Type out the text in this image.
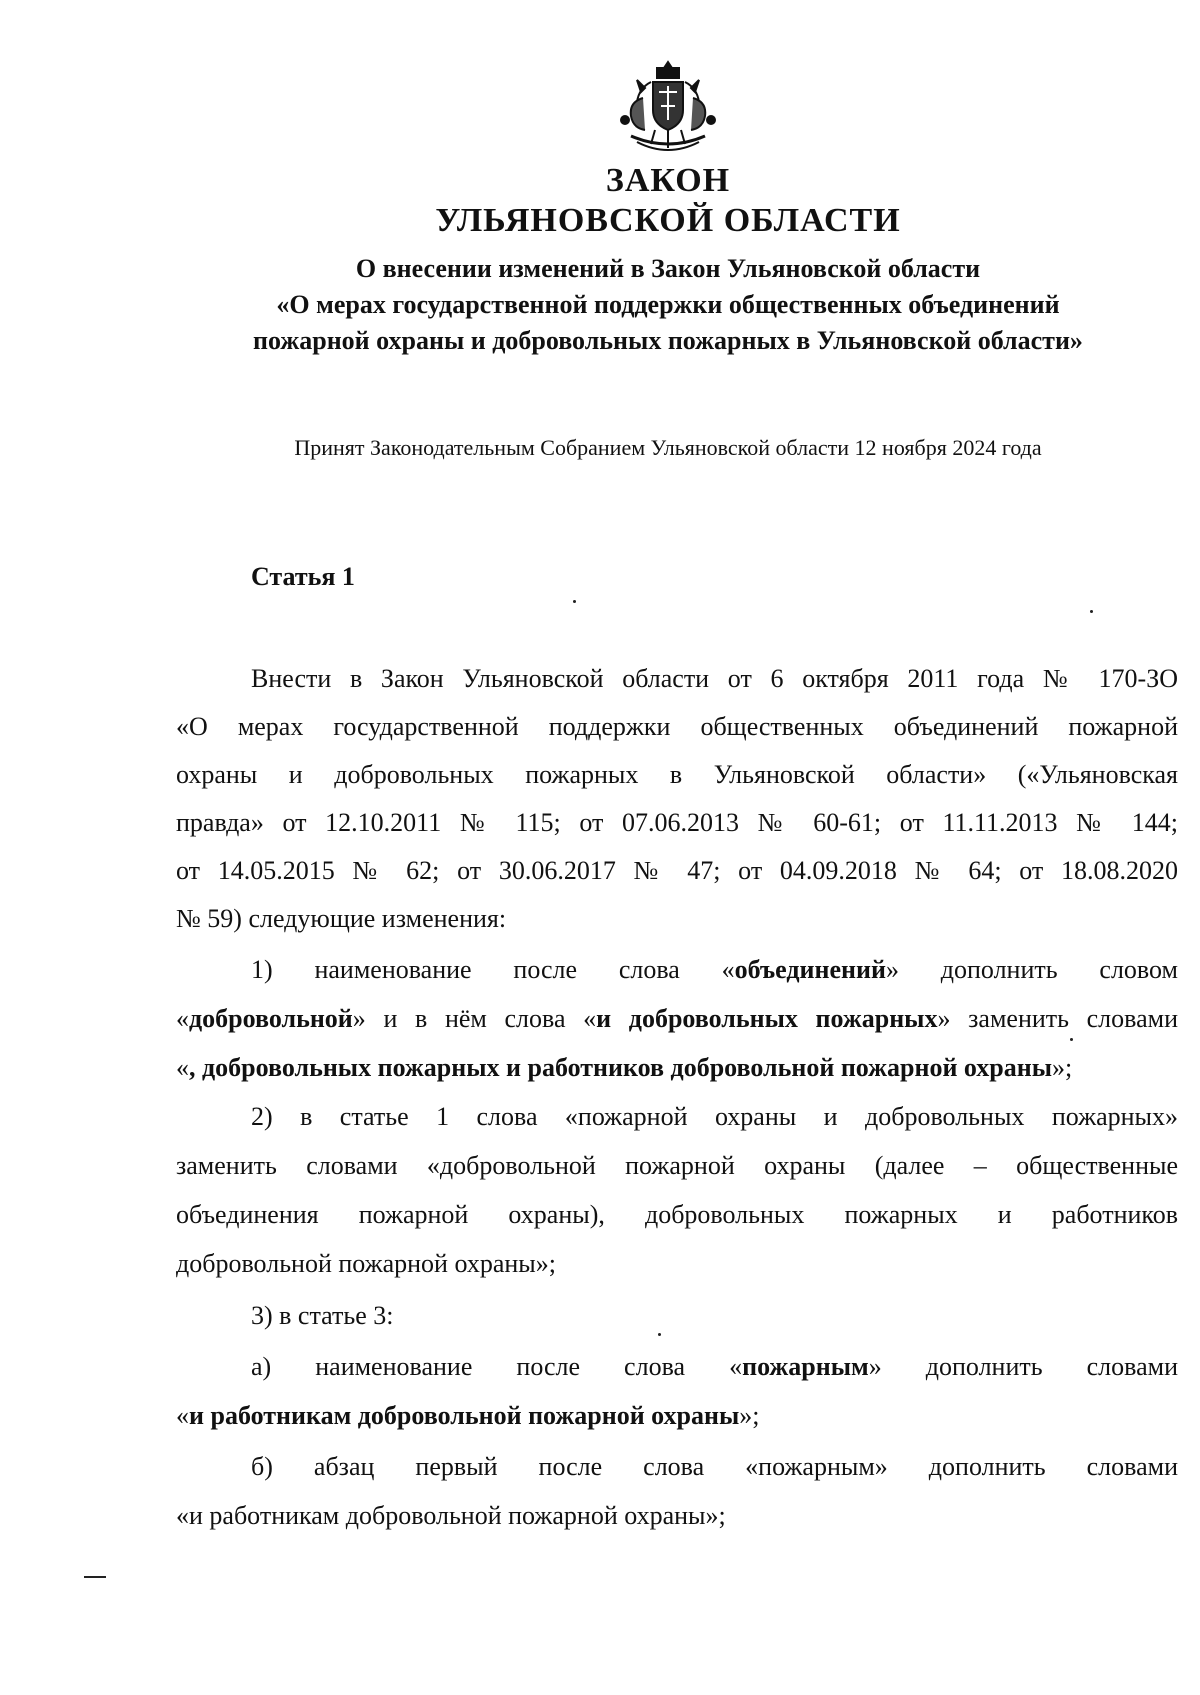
ЗАКОН
УЛЬЯНОВСКОЙ ОБЛАСТИ
О внесении изменений в Закон Ульяновской области
«О мерах государственной поддержки общественных объединений
пожарной охраны и добровольных пожарных в Ульяновской области»
Принят Законодательным Собранием Ульяновской области 12 ноября 2024 года
Статья 1
Внести в Закон Ульяновской области от 6 октября 2011 года № 170-ЗО
«О мерах государственной поддержки общественных объединений пожарной
охраны и добровольных пожарных в Ульяновской области» («Ульяновская
правда» от 12.10.2011 № 115; от 07.06.2013 № 60-61; от 11.11.2013 № 144;
от 14.05.2015 № 62; от 30.06.2017 № 47; от 04.09.2018 № 64; от 18.08.2020
№ 59) следующие изменения:
1) наименование после слова «объединений» дополнить словом
«добровольной» и в нём слова «и добровольных пожарных» заменить словами
«, добровольных пожарных и работников добровольной пожарной охраны»;
2) в статье 1 слова «пожарной охраны и добровольных пожарных»
заменить словами «добровольной пожарной охраны (далее – общественные
объединения пожарной охраны), добровольных пожарных и работников
добровольной пожарной охраны»;
3) в статье 3:
а) наименование после слова «пожарным» дополнить словами
«и работникам добровольной пожарной охраны»;
б) абзац первый после слова «пожарным» дополнить словами
«и работникам добровольной пожарной охраны»;
